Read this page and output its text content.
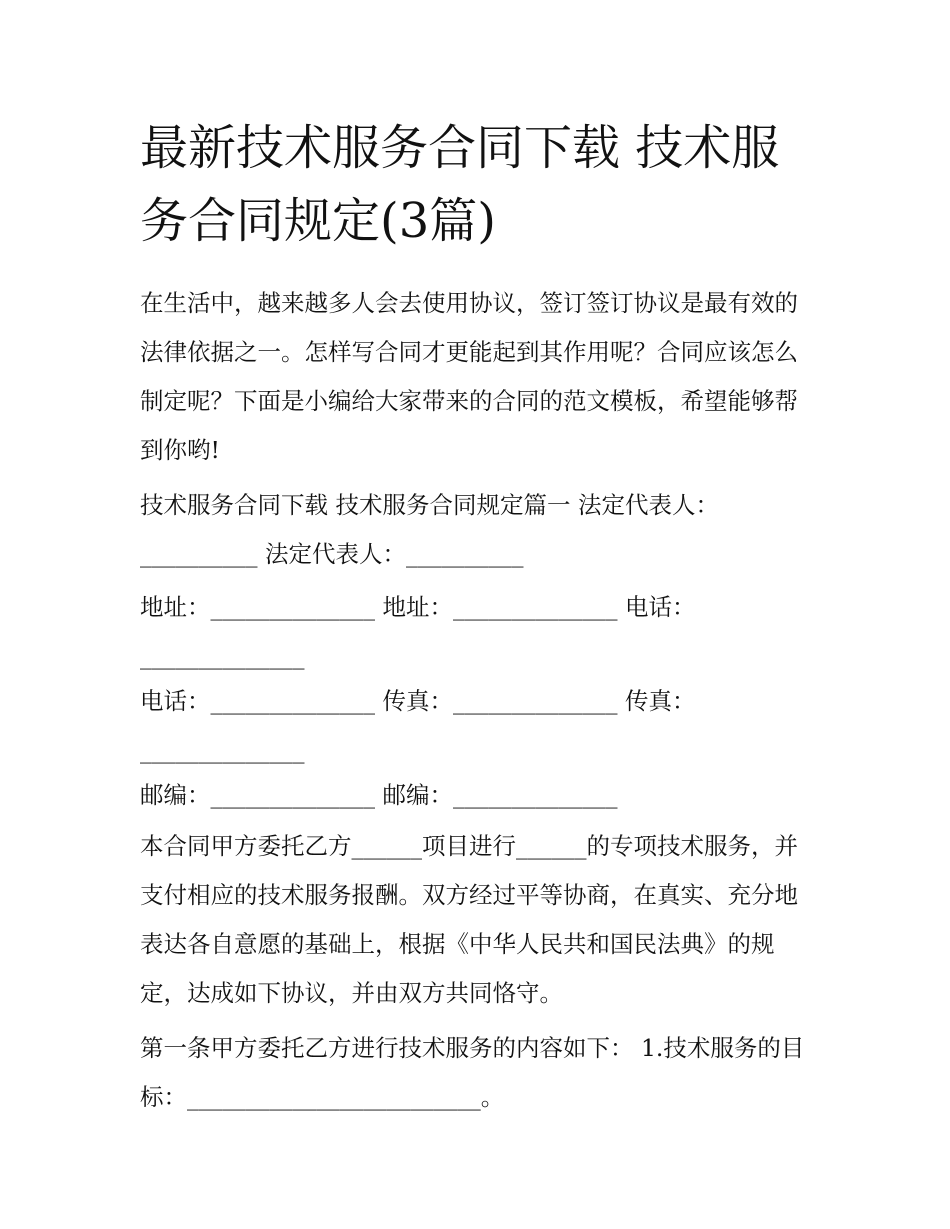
最新技术服务合同下载 技术服务合同规定(3篇)

在生活中，越来越多人会去使用协议，签订签订协议是最有效的法律依据之一。怎样写合同才更能起到其作用呢？合同应该怎么制定呢？下面是小编给大家带来的合同的范文模板，希望能够帮到你哟!

技术服务合同下载 技术服务合同规定篇一 法定代表人：__________ 法定代表人：__________

地址：______________ 地址：______________ 电话：______________

电话：______________ 传真：______________ 传真：______________

邮编：______________ 邮编：______________

本合同甲方委托乙方______项目进行______的专项技术服务，并支付相应的技术服务报酬。双方经过平等协商，在真实、充分地表达各自意愿的基础上，根据《中华人民共和国民法典》的规定，达成如下协议，并由双方共同恪守。

第一条甲方委托乙方进行技术服务的内容如下： 1.技术服务的目标：_________________________。
